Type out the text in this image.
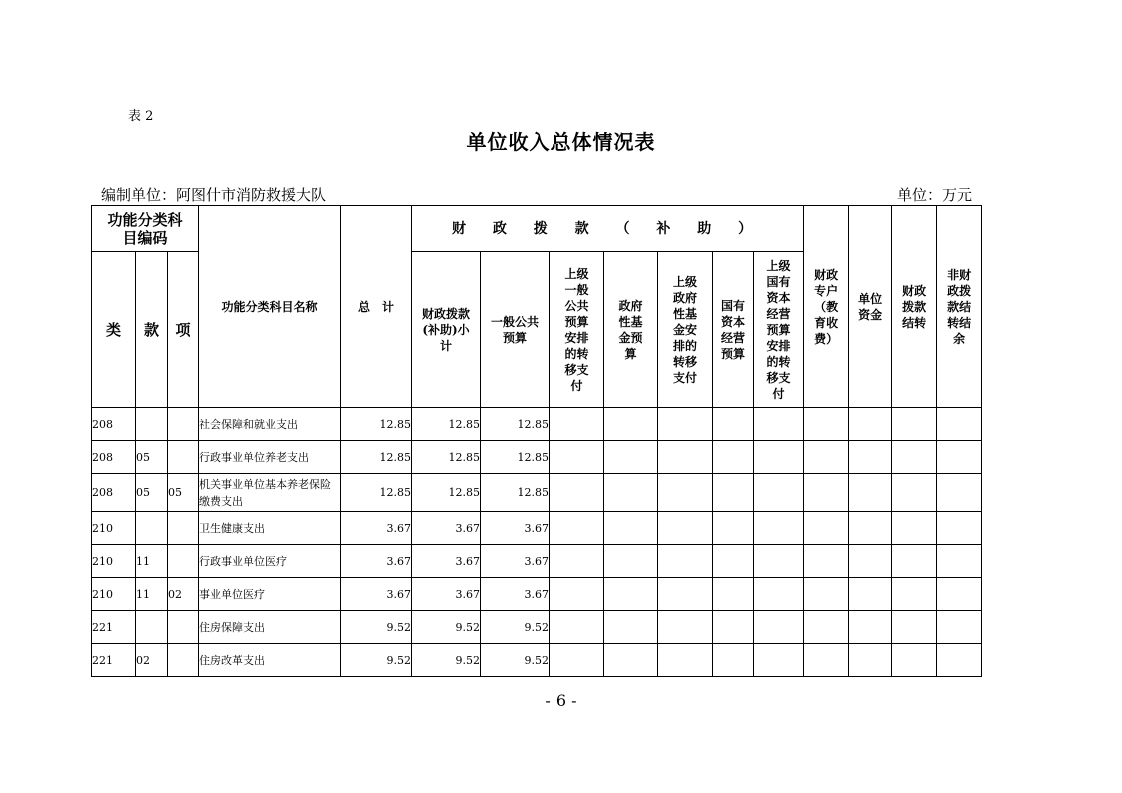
表 2
单位收入总体情况表
编制单位：阿图什市消防救援大队	单位：万元
功能分类科目编码			功能分类科目名称	总　计	财 政 拨 款 （ 补 助 ）							财政专户（教育收费）	单位资金	财政拨款结转	非财政拨款结转结余

类	款	项			财政拨款(补助)小计	一般公共预算	上级一般公共预算安排的转移支付	政府性基金预算	上级政府性基金安排的转移支付	国有资本经营预算	上级国有资本经营预算安排的转移支付				

208			社会保障和就业支出	12.85	12.85	12.85									
208	05		行政事业单位养老支出	12.85	12.85	12.85									
208	05	05	机关事业单位基本养老保险缴费支出	12.85	12.85	12.85									
210			卫生健康支出	3.67	3.67	3.67									
210	11		行政事业单位医疗	3.67	3.67	3.67									
210	11	02	事业单位医疗	3.67	3.67	3.67									
221			住房保障支出	9.52	9.52	9.52									
221	02		住房改革支出	9.52	9.52	9.52									
- 6 -
